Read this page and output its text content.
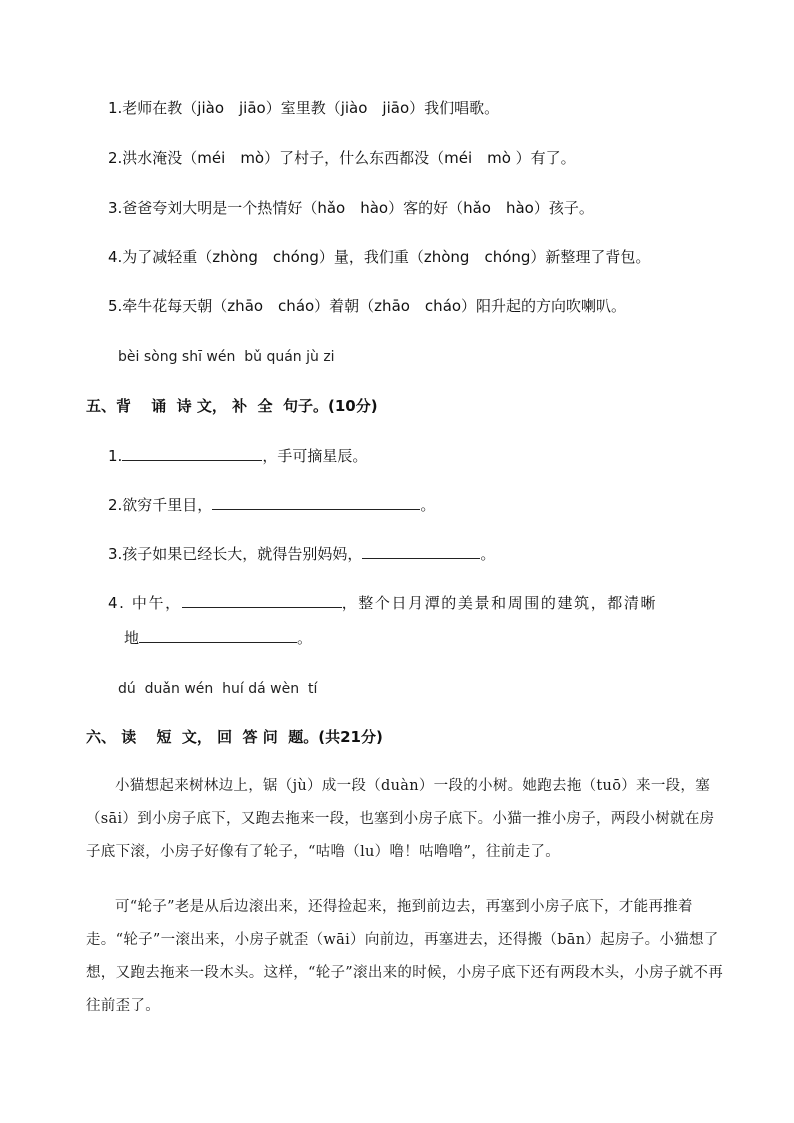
1.老师在教（jiào　jiāo）室里教（jiào　jiāo）我们唱歌。
2.洪水淹没（méi　mò）了村子，什么东西都没（méi　mò ）有了。
3.爸爸夸刘大明是一个热情好（hǎo　hào）客的好（hǎo　hào）孩子。
4.为了减轻重（zhòng　chóng）量，我们重（zhòng　chóng）新整理了背包。
5.牵牛花每天朝（zhāo　cháo）着朝（zhāo　cháo）阳升起的方向吹喇叭。
bèi sòng shī wén  bǔ quán jù zi
五、背　 诵  诗 文， 补  全  句子。(10分)
1.	，手可摘星辰。
2.欲穷千里目，	。
3.孩子如果已经长大，就得告别妈妈，	。
4. 中午，	，整个日月潭的美景和周围的建筑，都清晰
地	。
dú  duǎn wén  huí dá wèn  tí
六、 读　 短  文， 回  答 问  题。(共21分)
小猫想起来树林边上，锯（jù）成一段（duàn）一段的小树。她跑去拖（tuō）来一段，塞（sāi）到小房子底下，又跑去拖来一段，也塞到小房子底下。小猫一推小房子，两段小树就在房子底下滚，小房子好像有了轮子，“咕噜（lu）噜！咕噜噜”，往前走了。
可“轮子”老是从后边滚出来，还得捡起来，拖到前边去，再塞到小房子底下，才能再推着走。“轮子”一滚出来，小房子就歪（wāi）向前边，再塞进去，还得搬（bān）起房子。小猫想了想，又跑去拖来一段木头。这样，“轮子”滚出来的时候，小房子底下还有两段木头，小房子就不再往前歪了。
